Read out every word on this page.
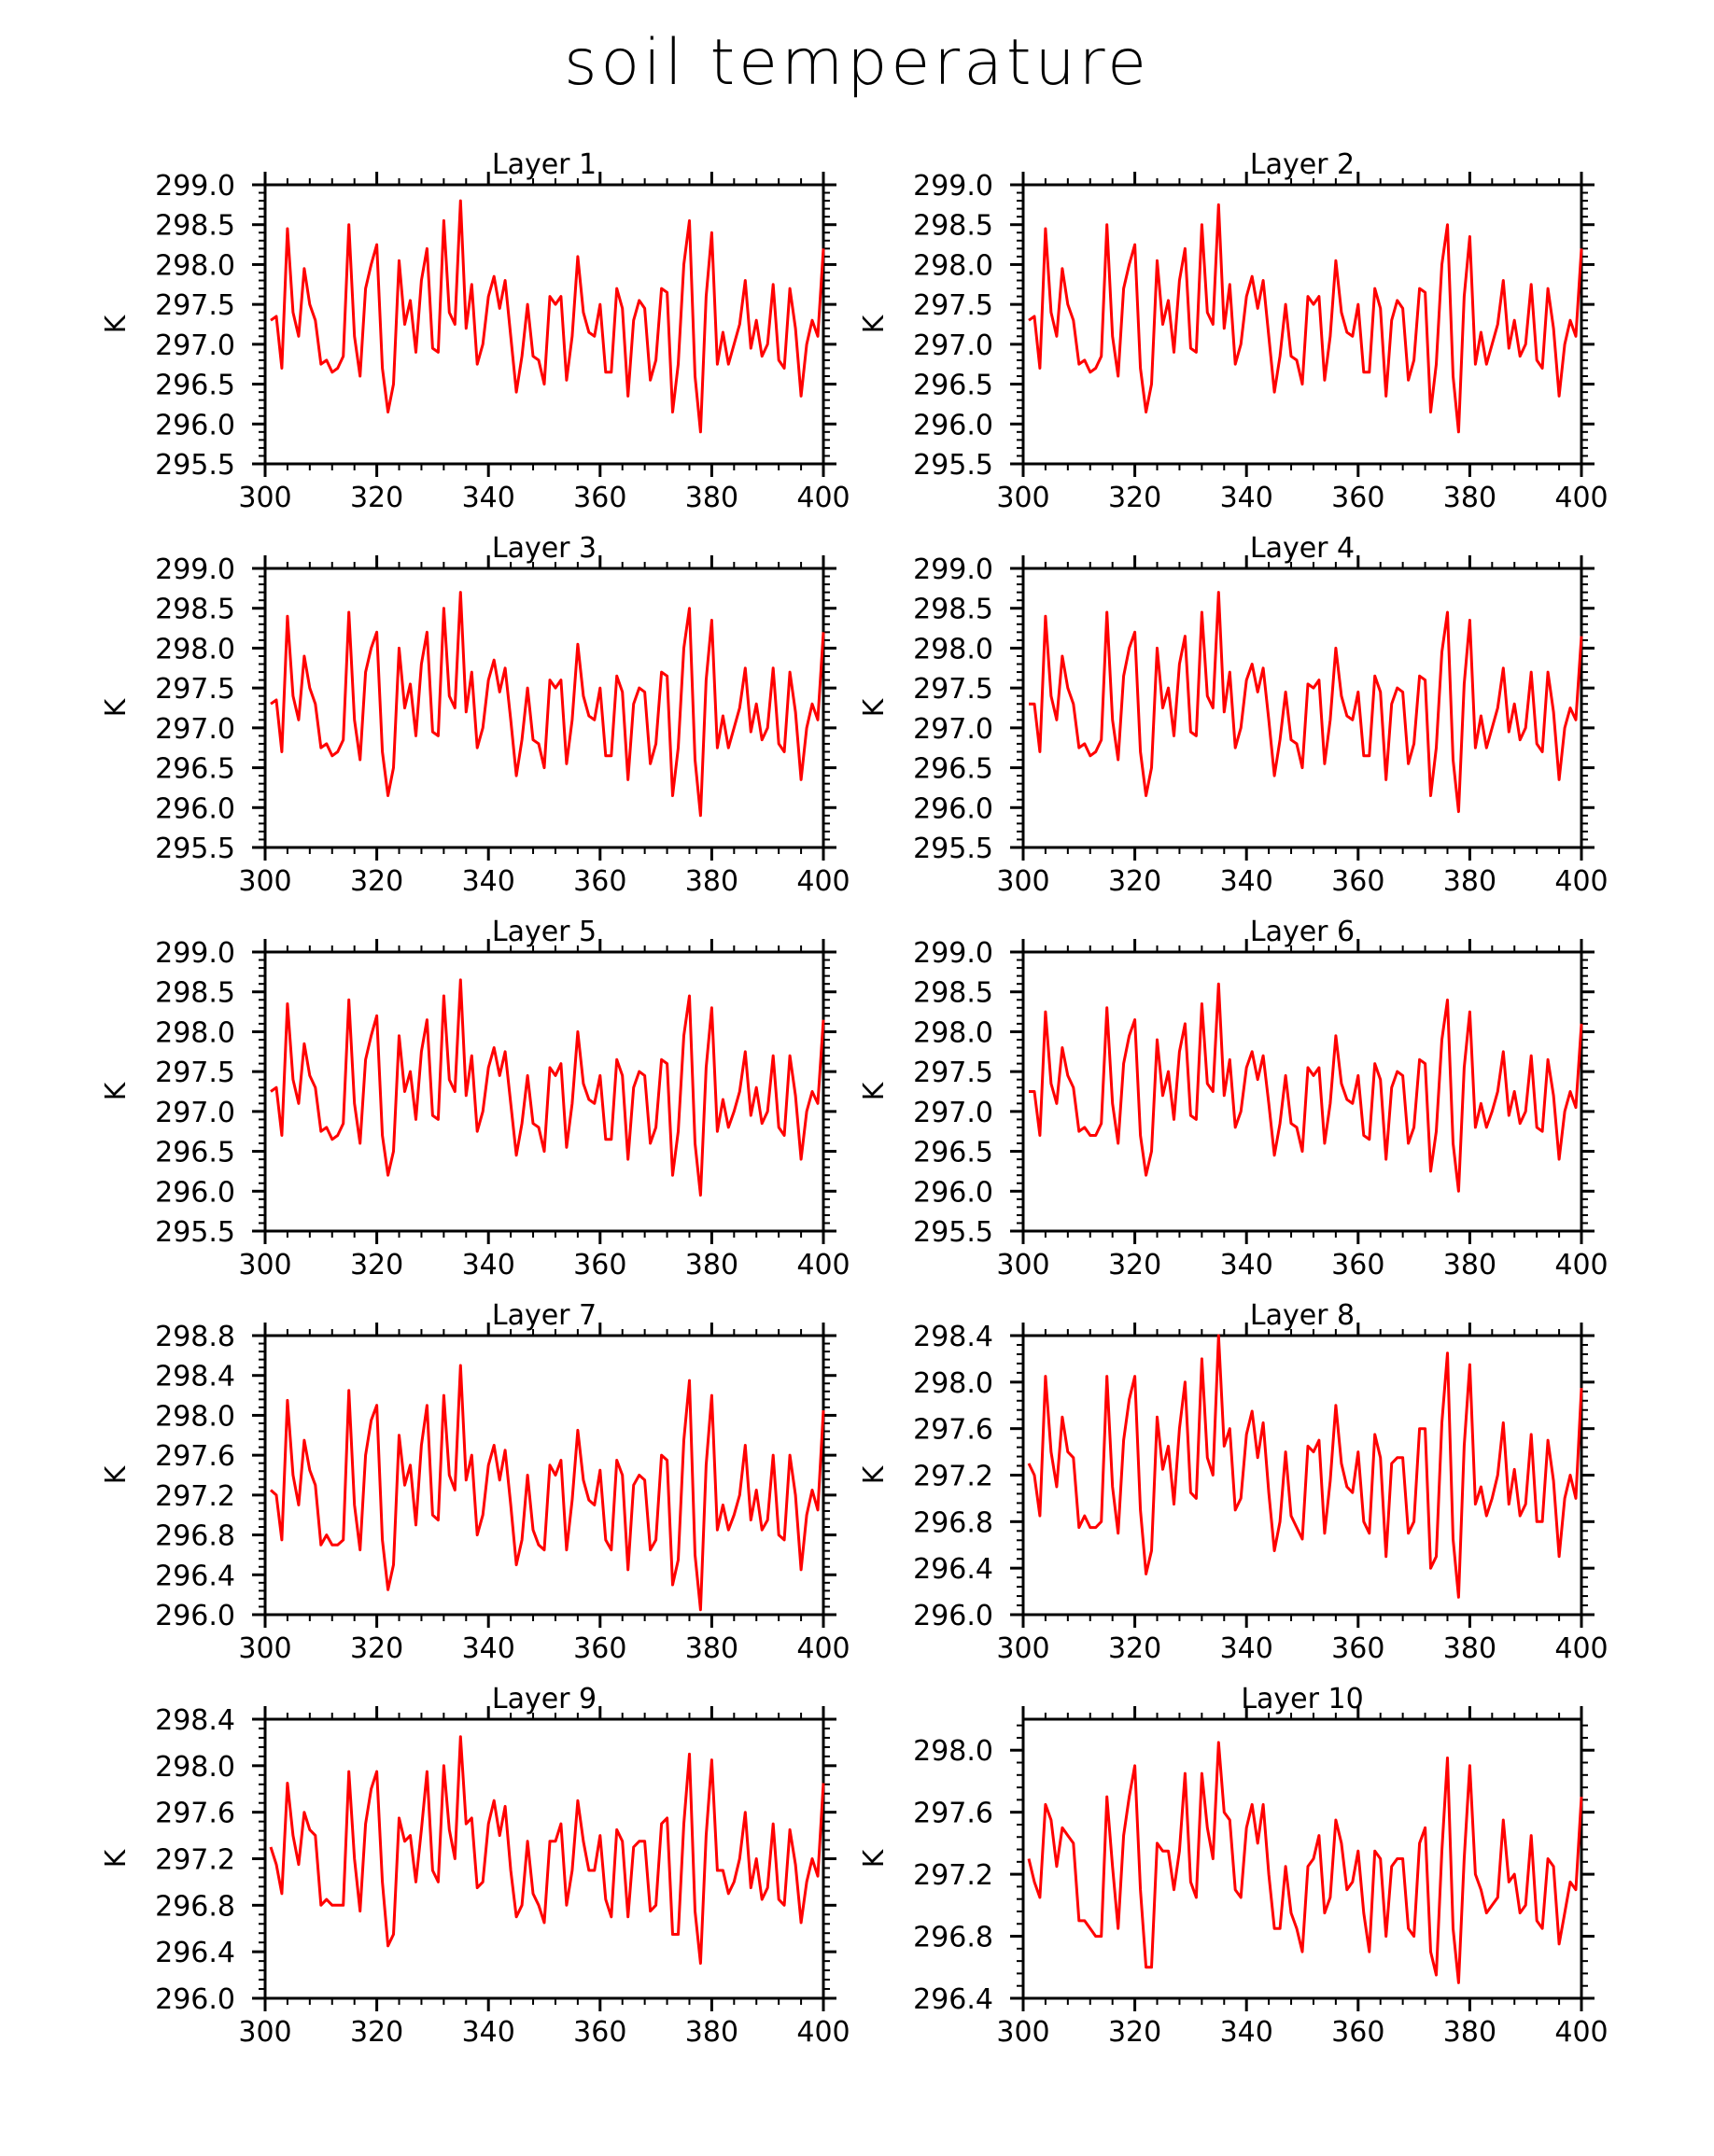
soil temperature
Layer 1
K
300 320 340 360 380 400
295.5
296.0
296.5
297.0
297.5
298.0
298.5
299.0
Layer 2
K
300 320 340 360 380 400
295.5
296.0
296.5
297.0
297.5
298.0
298.5
299.0
Layer 3
K
300 320 340 360 380 400
295.5
296.0
296.5
297.0
297.5
298.0
298.5
299.0
Layer 4
K
300 320 340 360 380 400
295.5
296.0
296.5
297.0
297.5
298.0
298.5
299.0
Layer 5
K
300 320 340 360 380 400
295.5
296.0
296.5
297.0
297.5
298.0
298.5
299.0
Layer 6
K
300 320 340 360 380 400
295.5
296.0
296.5
297.0
297.5
298.0
298.5
299.0
Layer 7
K
300 320 340 360 380 400
296.0
296.4
296.8
297.2
297.6
298.0
298.4
298.8
Layer 8
K
300 320 340 360 380 400
296.0
296.4
296.8
297.2
297.6
298.0
298.4
Layer 9
K
300 320 340 360 380 400
296.0
296.4
296.8
297.2
297.6
298.0
298.4
Layer 10
K
300 320 340 360 380 400
296.4
296.8
297.2
297.6
298.0
